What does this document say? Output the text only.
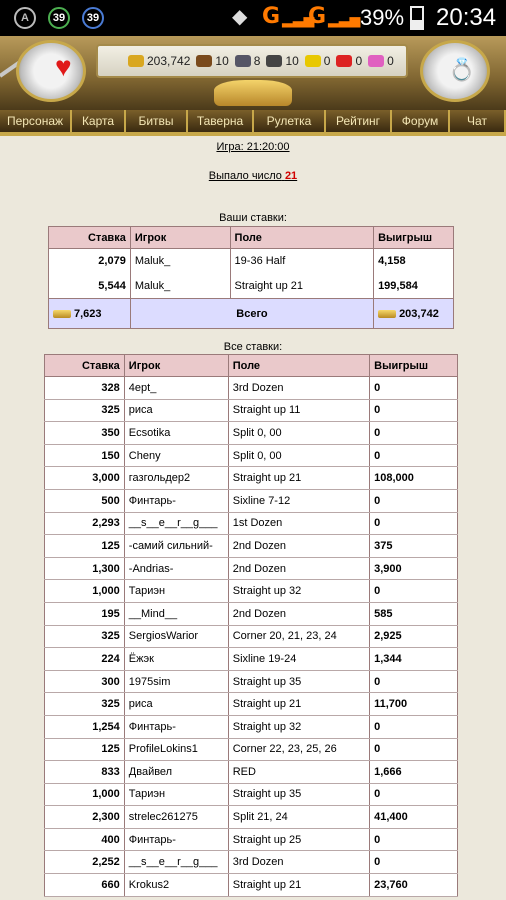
A	39	39	◆ G ▂▃▅
G ▂▃▅ 39% 20:34
♥	203,742 10 8 10 0 0 0 💍
Персонаж	Карта	Битвы	Таверна	Рулетка	Рейтинг	Форум	Чат
Игра: 21:20:00
Выпало число 21
Ваши ставки:
Ставка	Игрок	Поле	Выигрыш
2,079	Maluk_	19-36 Half	4,158
5,544	Maluk_	Straight up 21	199,584
7,623	Всего		203,742
Все ставки:
Ставка	Игрок	Поле	Выигрыш
328	4ept_	3rd Dozen	0
325	риса	Straight up 11	0
350	Ecsotika	Split 0, 00	0
150	Cheny	Split 0, 00	0
3,000	газгольдер2	Straight up 21	108,000
500	Финтарь-	Sixline 7-12	0
2,293	__s__e__r__g___	1st Dozen	0
125	-самий сильний-	2nd Dozen	375
1,300	-Andrias-	2nd Dozen	3,900
1,000	Тариэн	Straight up 32	0
195	__Mind__	2nd Dozen	585
325	SergiosWarior	Corner 20, 21, 23, 24	2,925
224	Ёжэк	Sixline 19-24	1,344
300	1975sim	Straight up 35	0
325	риса	Straight up 21	11,700
1,254	Финтарь-	Straight up 32	0
125	ProfileLokins1	Corner 22, 23, 25, 26	0
833	Двайвел	RED	1,666
1,000	Тариэн	Straight up 35	0
2,300	strelec261275	Split 21, 24	41,400
400	Финтарь-	Straight up 25	0
2,252	__s__e__r__g___	3rd Dozen	0
660	Krokus2	Straight up 21	23,760
